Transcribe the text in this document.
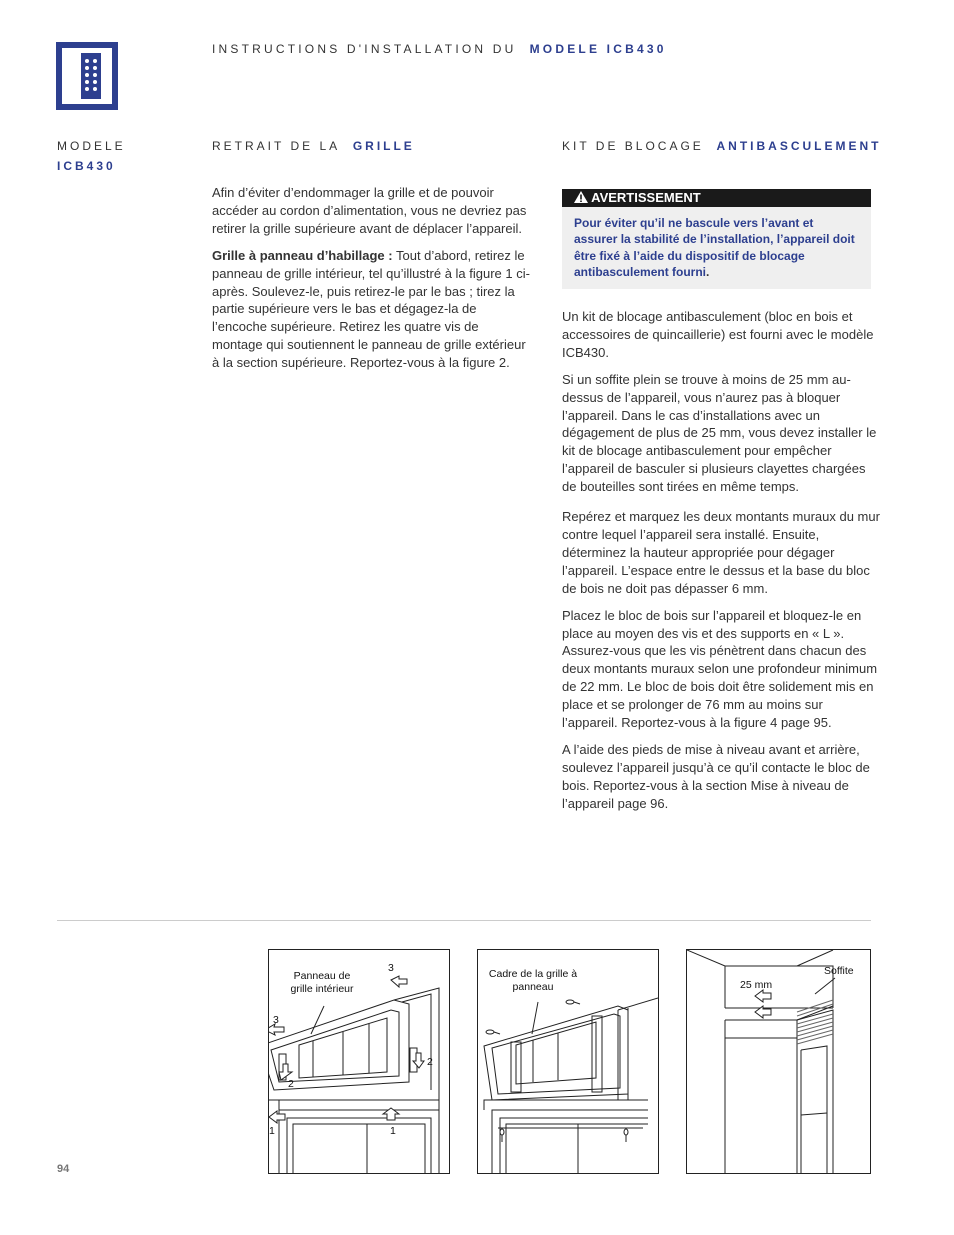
INSTRUCTIONS D'INSTALLATION DU MODELE ICB430
MODELE
ICB430
RETRAIT DE LA GRILLE

Afin d’éviter d’endommager la grille et de pouvoir accéder au cordon d’alimentation, vous ne devriez pas retirer la grille supérieure avant de déplacer l’appareil.

Grille à panneau d’habillage : Tout d’abord, retirez le panneau de grille intérieur, tel qu’illustré à la figure 1 ci-après. Soulevez-le, puis retirez-le par le bas ; tirez la partie supérieure vers le bas et dégagez-la de l’encoche supérieure. Retirez les quatre vis de montage qui soutiennent le panneau de grille extérieur à la section supérieure. Reportez-vous à la figure 2.

KIT DE BLOCAGE ANTIBASCULEMENT
AVERTISSEMENT
Pour éviter qu’il ne bascule vers l’avant et assurer la stabilité de l’installation, l’appareil doit être fixé à l’aide du dispositif de blocage antibasculement fourni.

Un kit de blocage antibasculement (bloc en bois et accessoires de quincaillerie) est fourni avec le modèle ICB430.

Si un soffite plein se trouve à moins de 25 mm au-dessus de l’appareil, vous n’aurez pas à bloquer l’appareil. Dans le cas d’installations avec un dégagement de plus de 25 mm, vous devez installer le kit de blocage antibasculement pour empêcher l’appareil de basculer si plusieurs clayettes chargées de bouteilles sont tirées en même temps.

Repérez et marquez les deux montants muraux du mur contre lequel l’appareil sera installé. Ensuite, déterminez la hauteur appropriée pour dégager l’appareil. L’espace entre le dessus et la base du bloc de bois ne doit pas dépasser 6 mm.

Placez le bloc de bois sur l’appareil et bloquez-le en place au moyen des vis et des supports en « L ». Assurez-vous que les vis pénètrent dans chacun des deux montants muraux selon une profondeur minimum de 22 mm. Le bloc de bois doit être solidement mis en place et se prolonger de 76 mm au moins sur l’appareil. Reportez-vous à la figure 4 page 95.

A l’aide des pieds de mise à niveau avant et arrière, soulevez l’appareil jusqu’à ce qu’il contacte le bloc de bois. Reportez-vous à la section Mise à niveau de l’appareil page 96.

Panneau de grille intérieur
3
3
2
2
1	1
Cadre de la grille à panneau	25 mm
Soffite
94
